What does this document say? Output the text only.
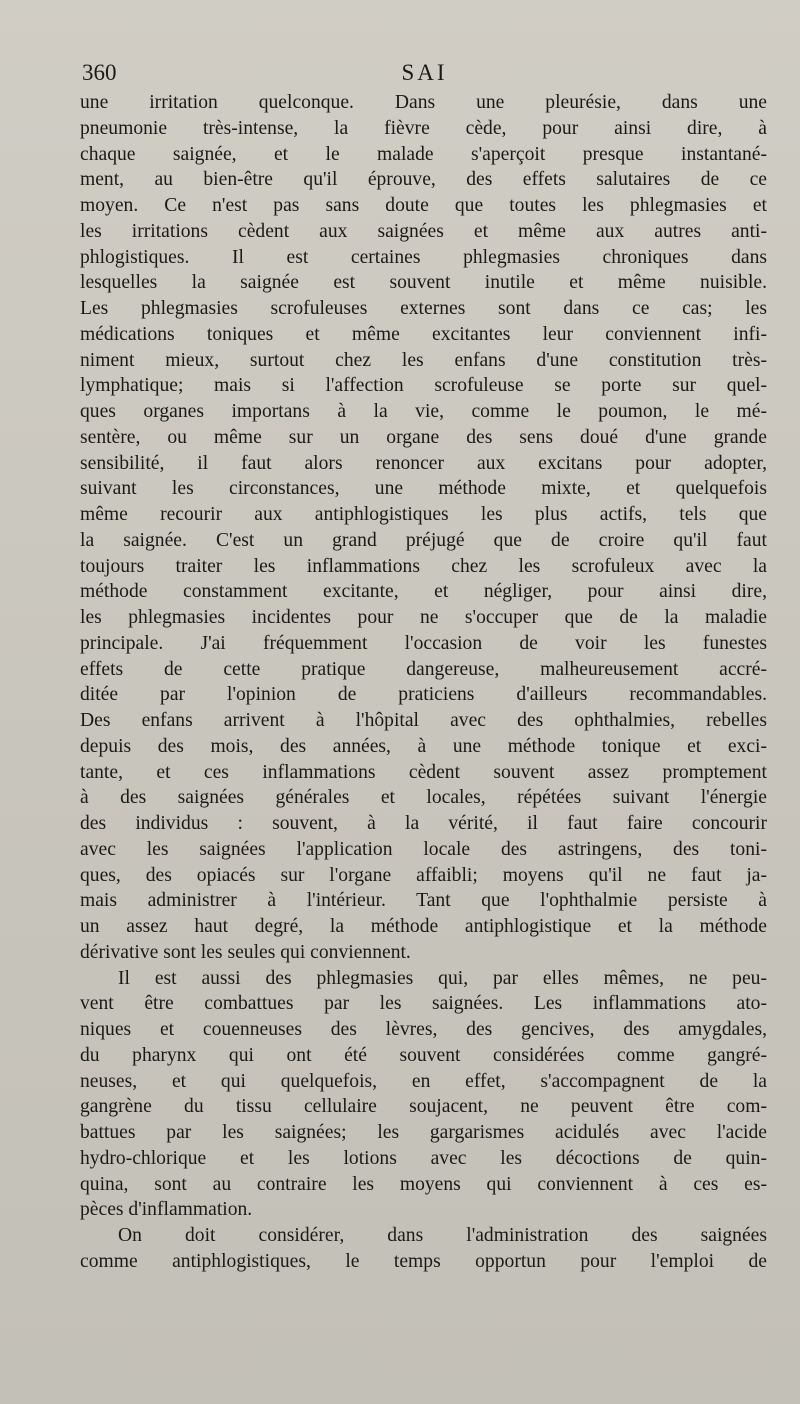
360	SAI
une irritation quelconque. Dans une pleurésie, dans une
pneumonie très-intense, la fièvre cède, pour ainsi dire, à
chaque saignée, et le malade s'aperçoit presque instantané-
ment, au bien-être qu'il éprouve, des effets salutaires de ce
moyen. Ce n'est pas sans doute que toutes les phlegmasies et
les irritations cèdent aux saignées et même aux autres anti-
phlogistiques. Il est certaines phlegmasies chroniques dans
lesquelles la saignée est souvent inutile et même nuisible.
Les phlegmasies scrofuleuses externes sont dans ce cas; les
médications toniques et même excitantes leur conviennent infi-
niment mieux, surtout chez les enfans d'une constitution très-
lymphatique; mais si l'affection scrofuleuse se porte sur quel-
ques organes importans à la vie, comme le poumon, le mé-
sentère, ou même sur un organe des sens doué d'une grande
sensibilité, il faut alors renoncer aux excitans pour adopter,
suivant les circonstances, une méthode mixte, et quelquefois
même recourir aux antiphlogistiques les plus actifs, tels que
la saignée. C'est un grand préjugé que de croire qu'il faut
toujours traiter les inflammations chez les scrofuleux avec la
méthode constamment excitante, et négliger, pour ainsi dire,
les phlegmasies incidentes pour ne s'occuper que de la maladie
principale. J'ai fréquemment l'occasion de voir les funestes
effets de cette pratique dangereuse, malheureusement accré-
ditée par l'opinion de praticiens d'ailleurs recommandables.
Des enfans arrivent à l'hôpital avec des ophthalmies, rebelles
depuis des mois, des années, à une méthode tonique et exci-
tante, et ces inflammations cèdent souvent assez promptement
à des saignées générales et locales, répétées suivant l'énergie
des individus : souvent, à la vérité, il faut faire concourir
avec les saignées l'application locale des astringens, des toni-
ques, des opiacés sur l'organe affaibli; moyens qu'il ne faut ja-
mais administrer à l'intérieur. Tant que l'ophthalmie persiste à
un assez haut degré, la méthode antiphlogistique et la méthode
dérivative sont les seules qui conviennent.
Il est aussi des phlegmasies qui, par elles mêmes, ne peu-
vent être combattues par les saignées. Les inflammations ato-
niques et couenneuses des lèvres, des gencives, des amygdales,
du pharynx qui ont été souvent considérées comme gangré-
neuses, et qui quelquefois, en effet, s'accompagnent de la
gangrène du tissu cellulaire soujacent, ne peuvent être com-
battues par les saignées; les gargarismes acidulés avec l'acide
hydro-chlorique et les lotions avec les décoctions de quin-
quina, sont au contraire les moyens qui conviennent à ces es-
pèces d'inflammation.
On doit considérer, dans l'administration des saignées
comme antiphlogistiques, le temps opportun pour l'emploi de
